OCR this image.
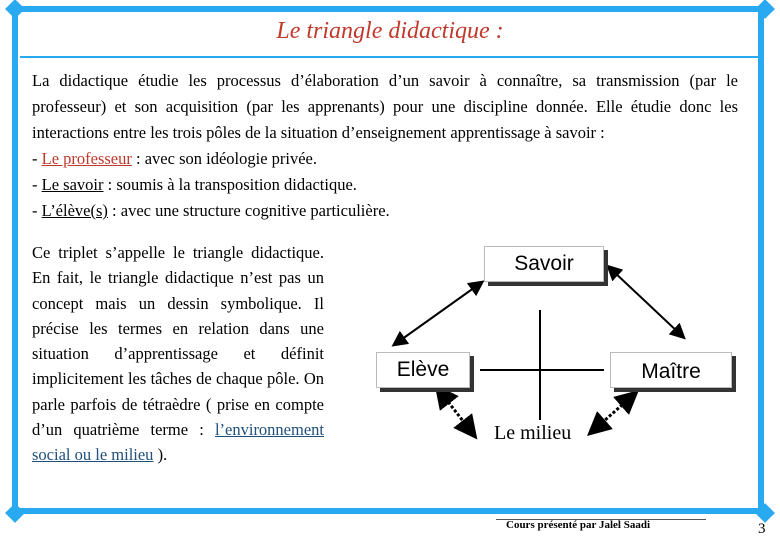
Le triangle didactique :

La didactique étudie les processus d’élaboration d’un savoir à connaître, sa transmission (par le professeur) et son acquisition (par les apprenants) pour une discipline donnée. Elle étudie donc les interactions entre les trois pôles de la situation d’enseignement apprentissage à savoir :

- Le professeur : avec son idéologie privée.
- Le savoir : soumis à la transposition didactique.
- L’élève(s) : avec une structure cognitive particulière.
Ce triplet s’appelle le triangle didactique. En fait, le triangle didactique n’est pas un concept mais un dessin symbolique. Il précise les termes en relation dans une situation d’apprentissage et définit implicitement les tâches de chaque pôle. On parle parfois de tétraèdre ( prise en compte d’un quatrième terme : l’environnement social ou le milieu ).
Savoir
Elève	Maître
Le milieu
Cours présenté par Jalel Saadi	3
